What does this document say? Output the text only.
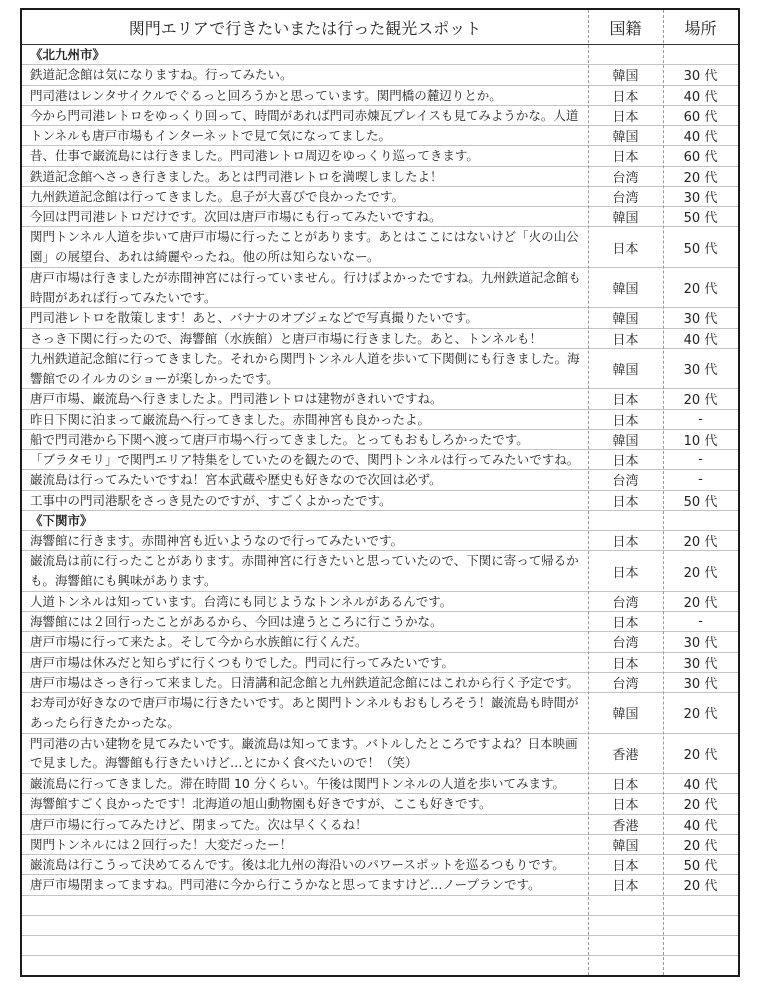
関門エリアで行きたいまたは行った観光スポット	国籍	場所
《北九州市》
鉄道記念館は気になりますね。行ってみたい。	韓国	30 代
門司港はレンタサイクルでぐるっと回ろうかと思っています。関門橋の麓辺りとか。	日本	40 代
今から門司港レトロをゆっくり回って、時間があれば門司赤煉瓦プレイスも見てみようかな。人道	日本	60 代
トンネルも唐戸市場もインターネットで見て気になってました。	韓国	40 代
昔、仕事で巌流島には行きました。門司港レトロ周辺をゆっくり巡ってきます。	日本	60 代
鉄道記念館へさっき行きました。あとは門司港レトロを満喫しましたよ！	台湾	20 代
九州鉄道記念館は行ってきました。息子が大喜びで良かったです。	台湾	30 代
今回は門司港レトロだけです。次回は唐戸市場にも行ってみたいですね。	韓国	50 代
関門トンネル人道を歩いて唐戸市場に行ったことがあります。あとはここにはないけど「火の山公
園」の展望台、あれは綺麗やったね。他の所は知らないなー。	日本	50 代
唐戸市場は行きましたが赤間神宮には行っていません。行けばよかったですね。九州鉄道記念館も
時間があれば行ってみたいです。	韓国	20 代
門司港レトロを散策します！あと、バナナのオブジェなどで写真撮りたいです。	韓国	30 代
さっき下関に行ったので、海響館（水族館）と唐戸市場に行きました。あと、トンネルも！	日本	40 代
九州鉄道記念館に行ってきました。それから関門トンネル人道を歩いて下関側にも行きました。海
響館でのイルカのショーが楽しかったです。	韓国	30 代
唐戸市場、巌流島へ行きましたよ。門司港レトロは建物がきれいですね。	日本	20 代
昨日下関に泊まって巌流島へ行ってきました。赤間神宮も良かったよ。	日本	-
船で門司港から下関へ渡って唐戸市場へ行ってきました。とってもおもしろかったです。	韓国	10 代
「ブラタモリ」で関門エリア特集をしていたのを観たので、関門トンネルは行ってみたいですね。	日本	-
巌流島は行ってみたいですね！宮本武蔵や歴史も好きなので次回は必ず。	台湾	-
工事中の門司港駅をさっき見たのですが、すごくよかったです。	日本	50 代
《下関市》
海響館に行きます。赤間神宮も近いようなので行ってみたいです。	日本	20 代
巌流島は前に行ったことがあります。赤間神宮に行きたいと思っていたので、下関に寄って帰るか
も。海響館にも興味があります。	日本	20 代
人道トンネルは知っています。台湾にも同じようなトンネルがあるんです。	台湾	20 代
海響館には２回行ったことがあるから、今回は違うところに行こうかな。	日本	-
唐戸市場に行って来たよ。そして今から水族館に行くんだ。	台湾	30 代
唐戸市場は休みだと知らずに行くつもりでした。門司に行ってみたいです。	日本	30 代
唐戸市場はさっき行って来ました。日清講和記念館と九州鉄道記念館にはこれから行く予定です。	台湾	30 代
お寿司が好きなので唐戸市場に行きたいです。あと関門トンネルもおもしろそう！巌流島も時間が
あったら行きたかったな。	韓国	20 代
門司港の古い建物を見てみたいです。巌流島は知ってます。バトルしたところですよね？日本映画
で見ました。海響館も行きたいけど…とにかく食べたいので！（笑）	香港	20 代
巌流島に行ってきました。滞在時間 10 分くらい。午後は関門トンネルの人道を歩いてみます。	日本	40 代
海響館すごく良かったです！北海道の旭山動物園も好きですが、ここも好きです。	日本	20 代
唐戸市場に行ってみたけど、閉まってた。次は早くくるね！	香港	40 代
関門トンネルには２回行った！大変だったー！	韓国	20 代
巌流島は行こうって決めてるんです。後は北九州の海沿いのパワースポットを巡るつもりです。	日本	50 代
唐戸市場閉まってますね。門司港に今から行こうかなと思ってますけど…ノープランです。	日本	20 代
